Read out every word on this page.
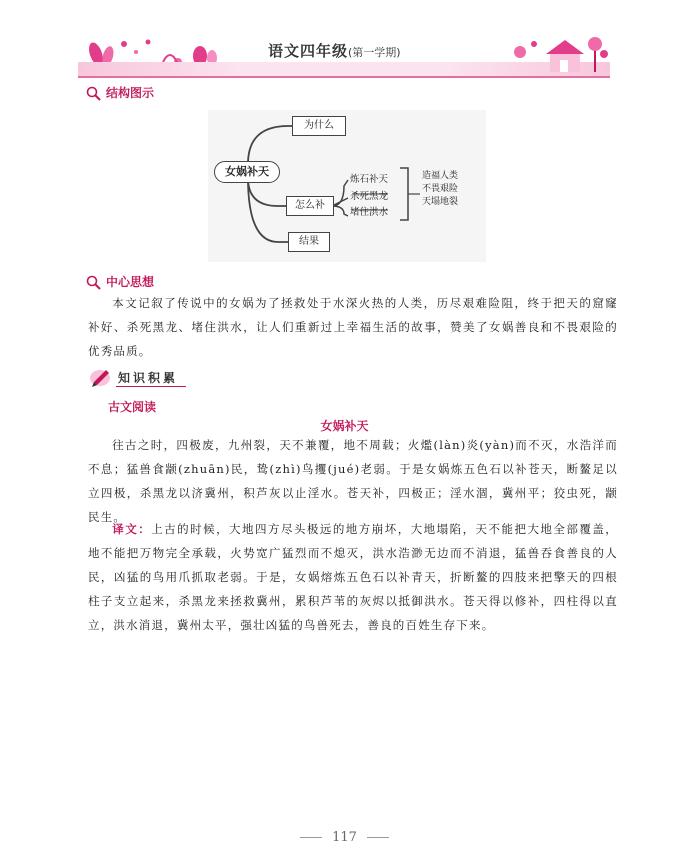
语文四年级(第一学期)
结构图示
女娲补天
为什么
怎么补
结果
炼石补天
杀死黑龙
堵住洪水
造福人类
不畏艰险
天塌地裂
中心思想
本文记叙了传说中的女娲为了拯救处于水深火热的人类，历尽艰难险阻，终于把天的窟窿补好、杀死黑龙、堵住洪水，让人们重新过上幸福生活的故事，赞美了女娲善良和不畏艰险的优秀品质。
知识积累
古文阅读
女娲补天
往古之时，四极废，九州裂，天不兼覆，地不周载；火爁(làn)炎(yàn)而不灭，水浩洋而不息；猛兽食颛(zhuān)民，鸷(zhì)鸟攫(jué)老弱。于是女娲炼五色石以补苍天，断鳌足以立四极，杀黑龙以济冀州，积芦灰以止淫水。苍天补，四极正；淫水涸，冀州平；狡虫死，颛民生。
译文：上古的时候，大地四方尽头极远的地方崩坏，大地塌陷，天不能把大地全部覆盖，地不能把万物完全承载，火势宽广猛烈而不熄灭，洪水浩渺无边而不消退，猛兽吞食善良的人民，凶猛的鸟用爪抓取老弱。于是，女娲熔炼五色石以补青天，折断鳌的四肢来把擎天的四根柱子支立起来，杀黑龙来拯救冀州，累积芦苇的灰烬以抵御洪水。苍天得以修补，四柱得以直立，洪水消退，冀州太平，强壮凶猛的鸟兽死去，善良的百姓生存下来。
117
